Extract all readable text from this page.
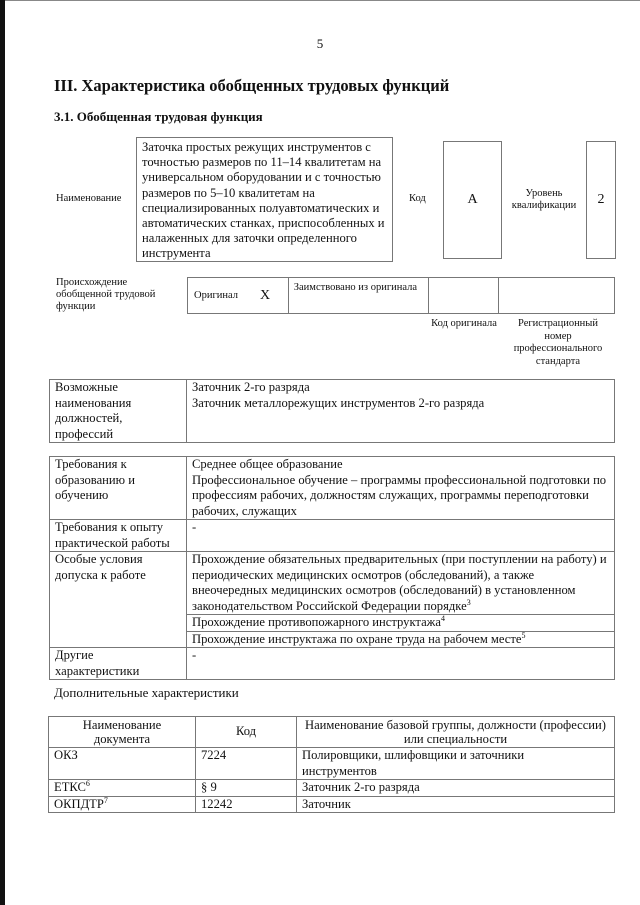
5
III. Характеристика обобщенных трудовых функций
3.1. Обобщенная трудовая функция
Наименование
Заточка простых режущих инструментов с точностью размеров по 11–14 квалитетам на универсальном оборудовании и с точностью размеров по 5–10 квалитетам на специализированных полуавтоматических и автоматических станках, приспособленных и налаженных для заточки определенного инструмента
Код	A	Уровень квалификации	2
Происхождение обобщенной трудовой функции
Оригинал X	Заимствовано из оригинала
Код оригинала	Регистрационный номер профессионального стандарта
Возможные наименования должностей, профессий	
Заточник 2-го разряда
Заточник металлорежущих инструментов 2-го разряда
Требования к образованию и обучению	Среднее общее образование
Профессиональное обучение – программы профессиональной подготовки по профессиям рабочих, должностям служащих, программы переподготовки рабочих, служащих

Требования к опыту практической работы	-
Особые условия допуска к работе	Прохождение обязательных предварительных (при поступлении на работу) и периодических медицинских осмотров (обследований), а также внеочередных медицинских осмотров (обследований) в установленном законодательством Российской Федерации порядке$^3$
	Прохождение противопожарного инструктажа$^4$
	Прохождение инструктажа по охране труда на рабочем месте$^5$
Другие характеристики	-
Дополнительные характеристики
Наименование документа	Код	Наименование базовой группы, должности (профессии) или специальности
ОКЗ	7224	Полировщики, шлифовщики и заточники инструментов
ЕТКС$^6$	§ 9	Заточник 2-го разряда
ОКПДТР$^7$	12242	Заточник
